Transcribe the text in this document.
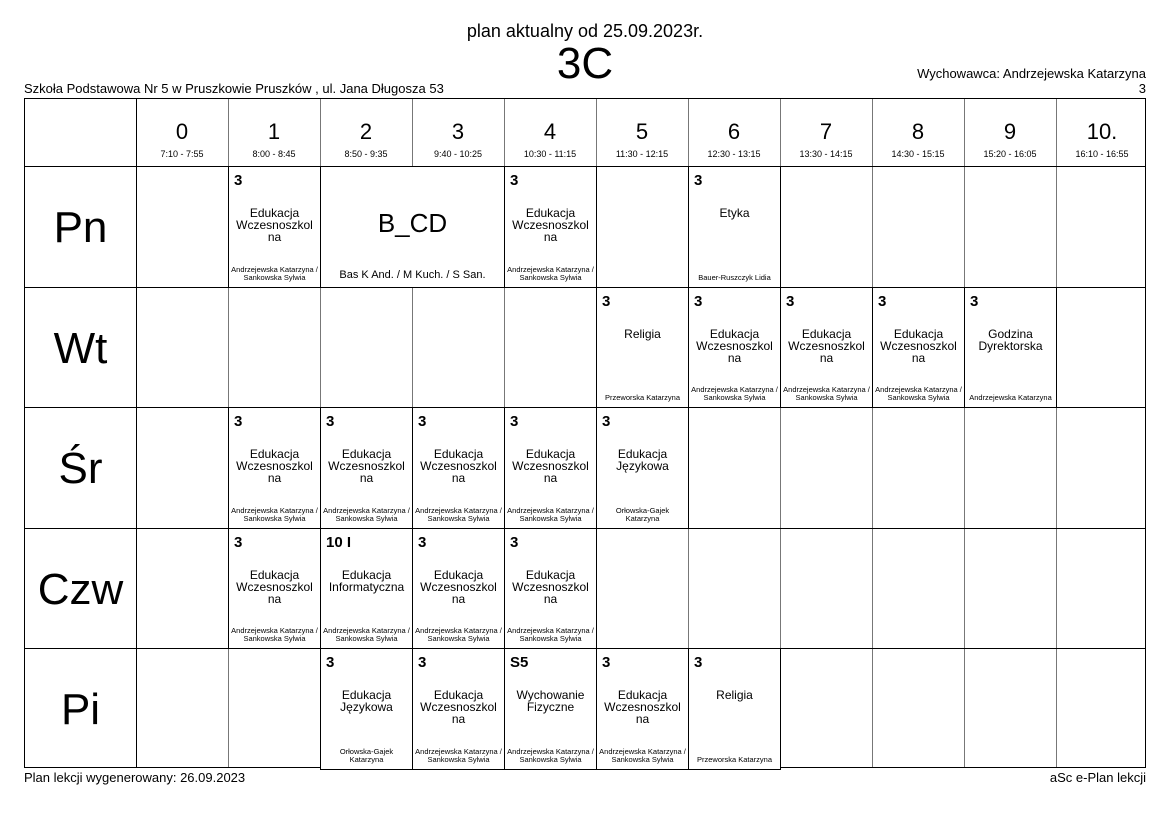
plan aktualny od 25.09.2023r.
3C
Szkoła Podstawowa Nr 5 w Pruszkowie Pruszków , ul. Jana Długosza 53
Wychowawca: Andrzejewska Katarzyna
3
0
7:10 - 7:55
1
8:00 - 8:45
2
8:50 - 9:35
3
9:40 - 10:25
4
10:30 - 11:15
5
11:30 - 12:15
6
12:30 - 13:15
7
13:30 - 14:15
8
14:30 - 15:15
9
15:20 - 16:05
10.
16:10 - 16:55
Pn
Wt
Śr
Czw
Pi
3
Edukacja Wczesnoszkol na
Andrzejewska Katarzyna / Sankowska Sylwia
B_CD
Bas K And. / M Kuch. / S San.
3
Edukacja Wczesnoszkol na
Andrzejewska Katarzyna / Sankowska Sylwia
3
Etyka
Bauer-Ruszczyk Lidia
3
Religia
Przeworska Katarzyna
3
Edukacja Wczesnoszkol na
Andrzejewska Katarzyna / Sankowska Sylwia
3
Edukacja Wczesnoszkol na
Andrzejewska Katarzyna / Sankowska Sylwia
3
Edukacja Wczesnoszkol na
Andrzejewska Katarzyna / Sankowska Sylwia
3
Godzina Dyrektorska
Andrzejewska Katarzyna
3
Edukacja Wczesnoszkol na
Andrzejewska Katarzyna / Sankowska Sylwia
3
Edukacja Wczesnoszkol na
Andrzejewska Katarzyna / Sankowska Sylwia
3
Edukacja Wczesnoszkol na
Andrzejewska Katarzyna / Sankowska Sylwia
3
Edukacja Wczesnoszkol na
Andrzejewska Katarzyna / Sankowska Sylwia
3
Edukacja Językowa
Orłowska-Gajek Katarzyna
3
Edukacja Wczesnoszkol na
Andrzejewska Katarzyna / Sankowska Sylwia
10 I
Edukacja Informatyczna
Andrzejewska Katarzyna / Sankowska Sylwia
3
Edukacja Wczesnoszkol na
Andrzejewska Katarzyna / Sankowska Sylwia
3
Edukacja Wczesnoszkol na
Andrzejewska Katarzyna / Sankowska Sylwia
3
Edukacja Językowa
Orłowska-Gajek Katarzyna
3
Edukacja Wczesnoszkol na
Andrzejewska Katarzyna / Sankowska Sylwia
S5
Wychowanie Fizyczne
Andrzejewska Katarzyna / Sankowska Sylwia
3
Edukacja Wczesnoszkol na
Andrzejewska Katarzyna / Sankowska Sylwia
3
Religia
Przeworska Katarzyna
Plan lekcji wygenerowany: 26.09.2023	aSc e-Plan lekcji
